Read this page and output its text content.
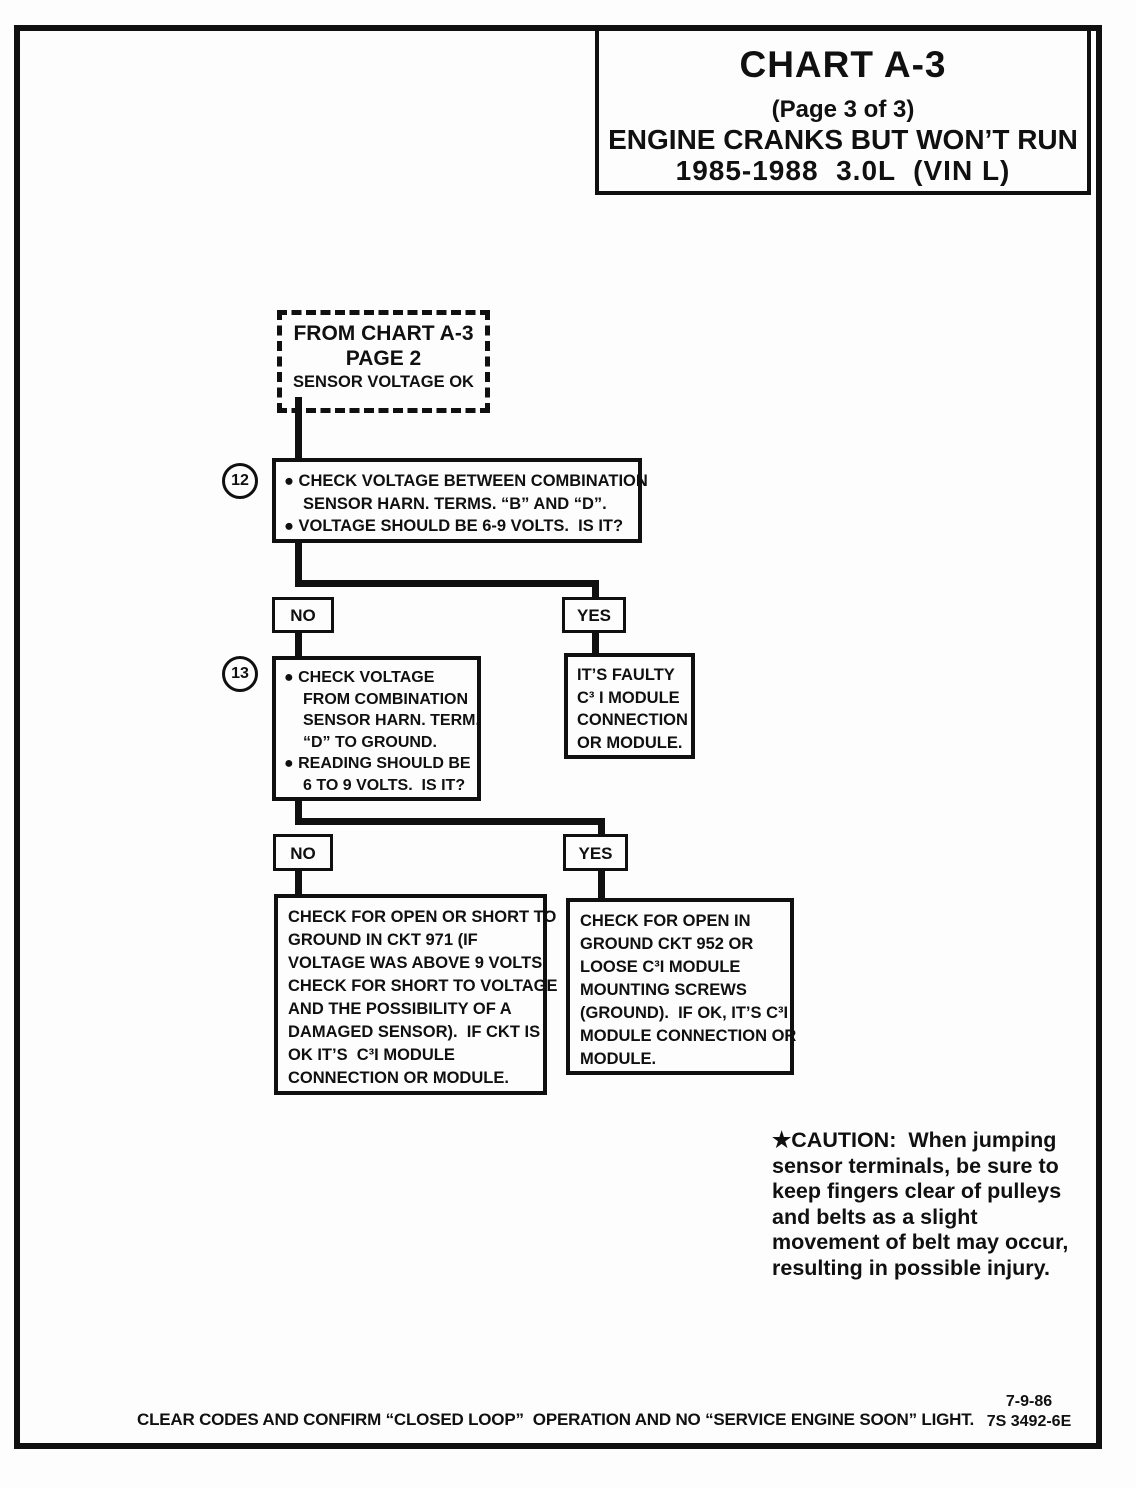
CHART A-3
(Page 3 of 3)
ENGINE CRANKS BUT WON’T RUN
1985-1988  3.0L  (VIN L)
FROM CHART A-3
PAGE 2
SENSOR VOLTAGE OK
12	● CHECK VOLTAGE BETWEEN COMBINATION
SENSOR HARN. TERMS. “B” AND “D”.
● VOLTAGE SHOULD BE 6-9 VOLTS.  IS IT?
NO	YES
IT’S FAULTY
C³ I MODULE
CONNECTION
OR MODULE.
13	● CHECK VOLTAGE
FROM COMBINATION
SENSOR HARN. TERM.
“D” TO GROUND.
● READING SHOULD BE
6 TO 9 VOLTS.  IS IT?
NO	YES
CHECK FOR OPEN OR SHORT TO
GROUND IN CKT 971 (IF
VOLTAGE WAS ABOVE 9 VOLTS,
CHECK FOR SHORT TO VOLTAGE
AND THE POSSIBILITY OF A
DAMAGED SENSOR).  IF CKT IS
OK IT’S  C³I MODULE
CONNECTION OR MODULE.
CHECK FOR OPEN IN
GROUND CKT 952 OR
LOOSE C³I MODULE
MOUNTING SCREWS
(GROUND).  IF OK, IT’S C³I
MODULE CONNECTION OR
MODULE.
★CAUTION:  When jumping
sensor terminals, be sure to
keep fingers clear of pulleys
and belts as a slight
movement of belt may occur,
resulting in possible injury.
CLEAR CODES AND CONFIRM “CLOSED LOOP”  OPERATION AND NO “SERVICE ENGINE SOON” LIGHT.
7-9-86
7S 3492-6E
